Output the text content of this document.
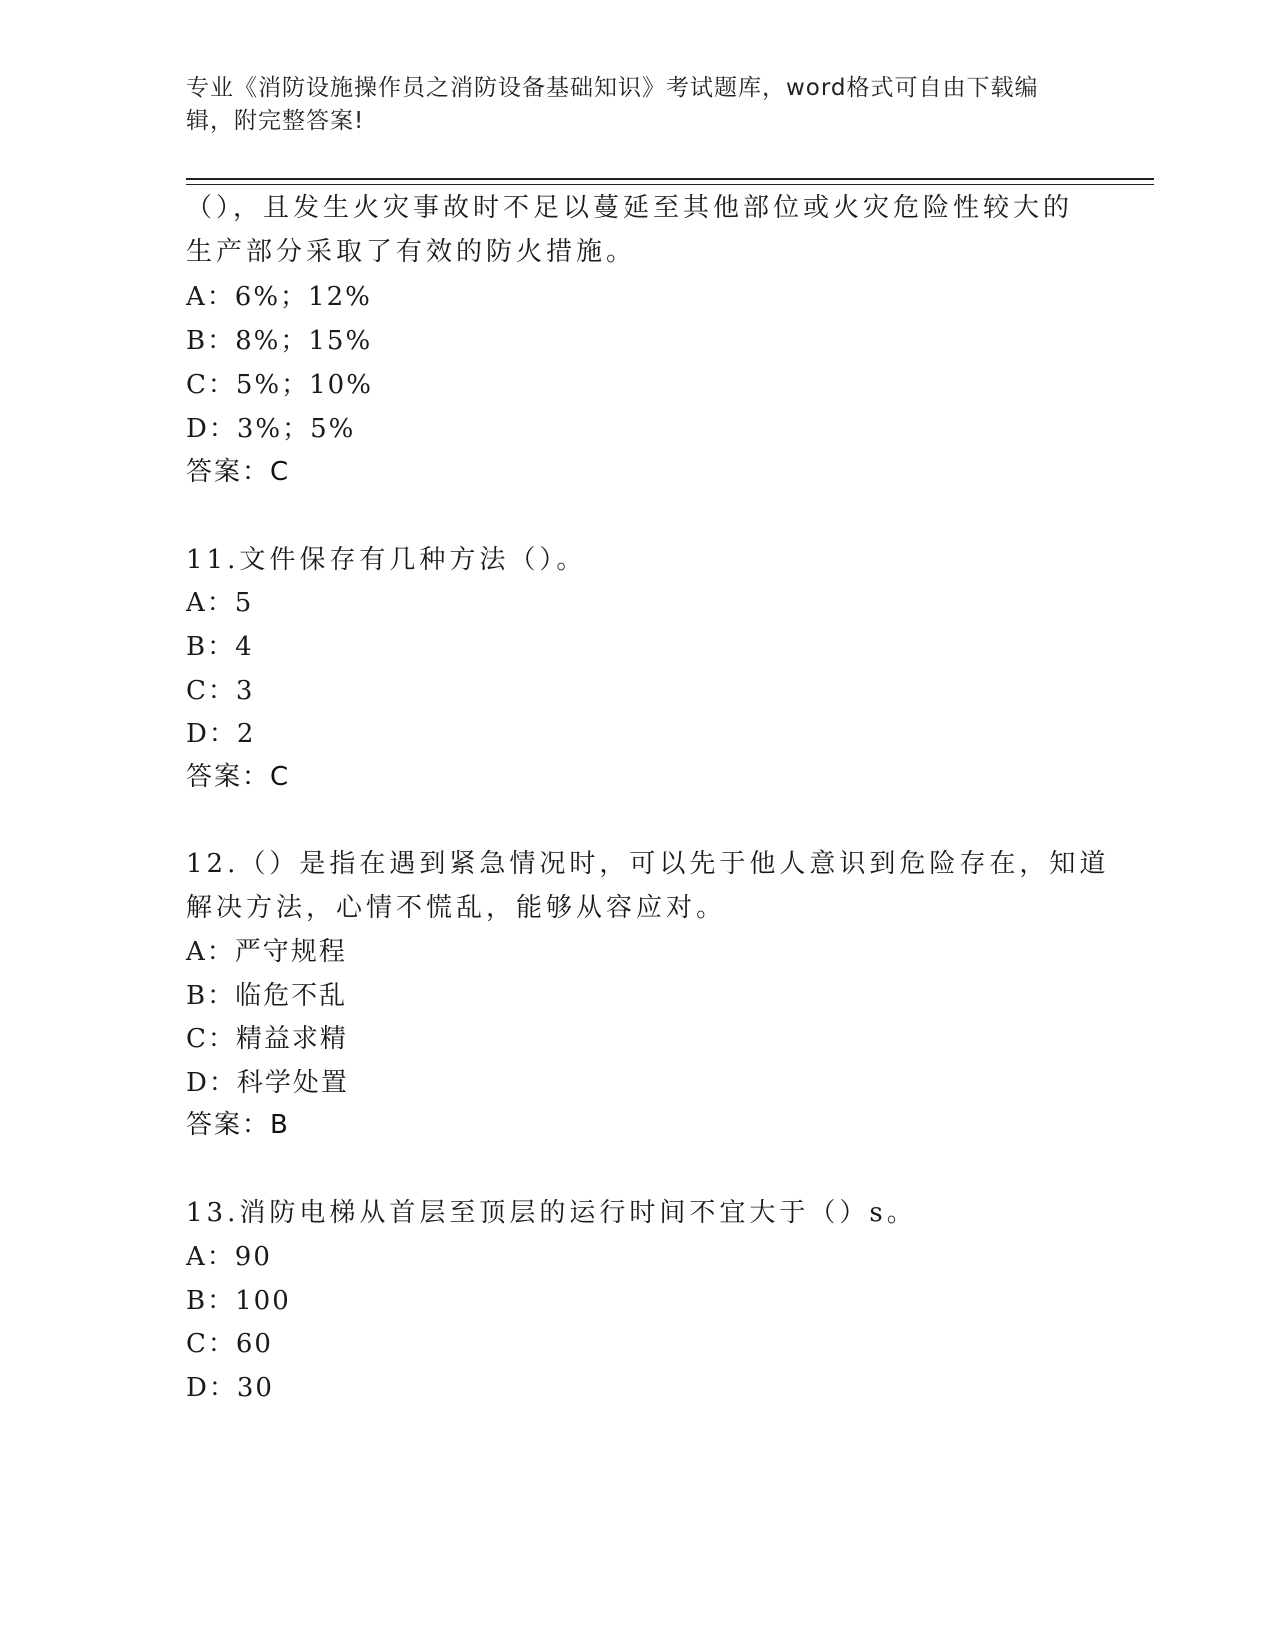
专业《消防设施操作员之消防设备基础知识》考试题库，word格式可自由下载编
辑，附完整答案!
（），且发生火灾事故时不足以蔓延至其他部位或火灾危险性较大的
生产部分采取了有效的防火措施。
A：6%；12%
B：8%；15%
C：5%；10%
D：3%；5%
答案：C
11.文件保存有几种方法（）。
A：5
B：4
C：3
D：2
答案：C
12.（）是指在遇到紧急情况时，可以先于他人意识到危险存在，知道
解决方法，心情不慌乱，能够从容应对。
A：严守规程
B：临危不乱
C：精益求精
D：科学处置
答案：B
13.消防电梯从首层至顶层的运行时间不宜大于（）s。
A：90
B：100
C：60
D：30
